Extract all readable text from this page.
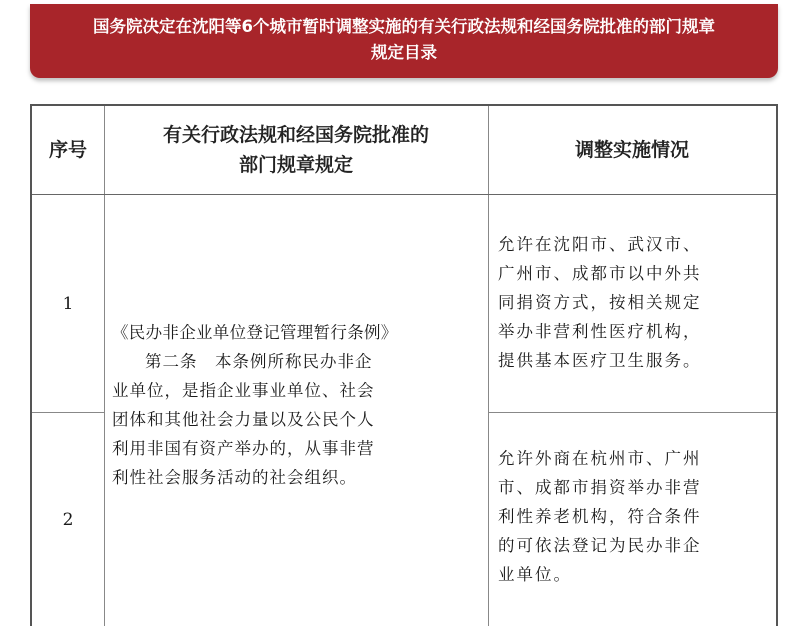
国务院决定在沈阳等6个城市暂时调整实施的有关行政法规和经国务院批准的部门规章
规定目录
序号
有关行政法规和经国务院批准的
部门规章规定
调整实施情况
1
2
《民办非企业单位登记管理暂行条例》
第二条　本条例所称民办非企
业单位，是指企业事业单位、社会
团体和其他社会力量以及公民个人
利用非国有资产举办的，从事非营
利性社会服务活动的社会组织。
允许在沈阳市、武汉市、
广州市、成都市以中外共
同捐资方式，按相关规定
举办非营利性医疗机构，
提供基本医疗卫生服务。
允许外商在杭州市、广州
市、成都市捐资举办非营
利性养老机构，符合条件
的可依法登记为民办非企
业单位。
